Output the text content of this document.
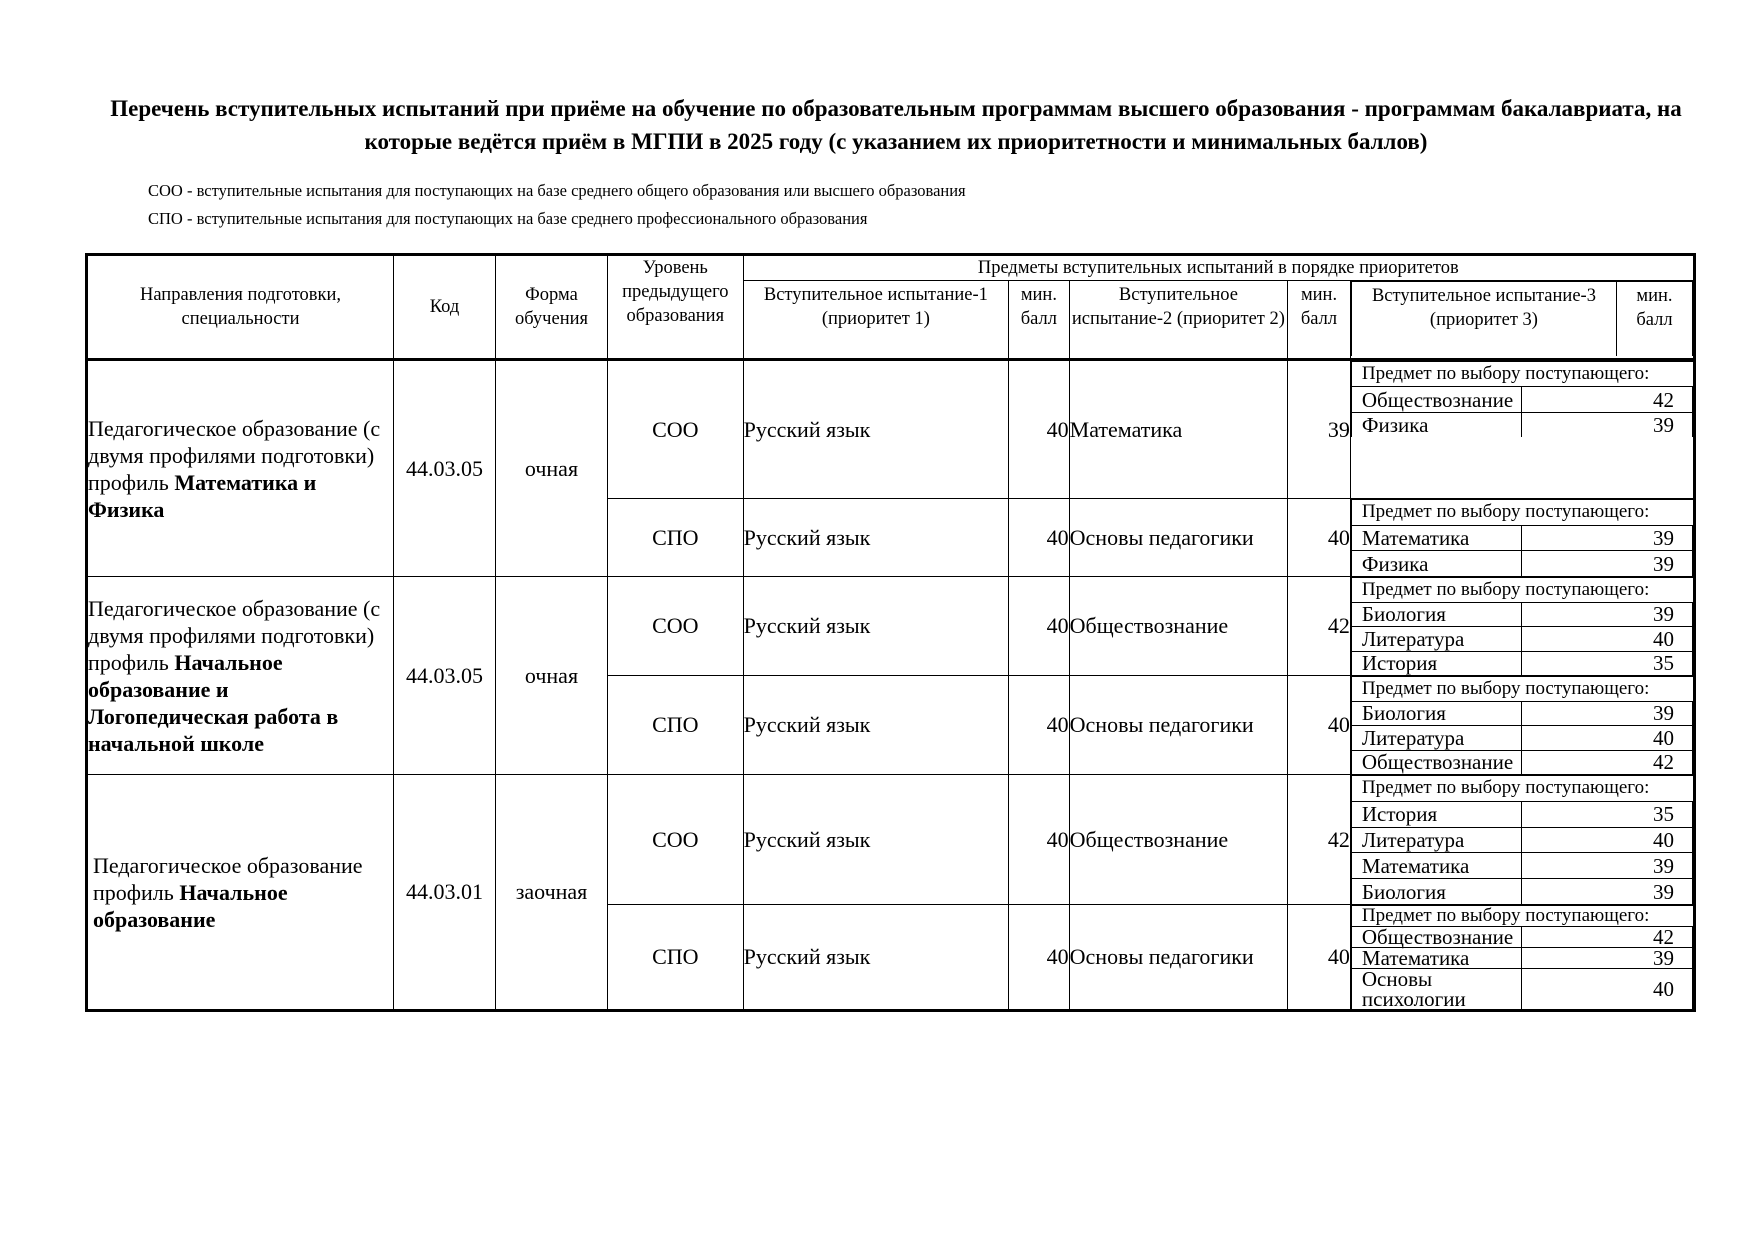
Перечень вступительных испытаний при приёме на обучение по образовательным программам высшего образования - программам бакалавриата, на которые ведётся приём в МГПИ в 2025 году (с указанием их приоритетности и минимальных баллов)
СОО - вступительные испытания для поступающих на базе среднего общего образования или высшего образования
СПО - вступительные испытания для поступающих на базе среднего профессионального образования
Направления подготовки, специальности	Код	Форма обучения	Уровень предыдущего образования	Предметы вступительных испытаний в порядке приоритетов
Вступительное испытание-1 (приоритет 1)	мин. балл	Вступительное испытание-2 (приоритет 2)	мин. балл	
Вступительное испытание-3 (приоритет 3)	мин. балл

Педагогическое образование (с двумя профилями подготовки) профиль Математика и Физика	44.03.05	очная	СОО	Русский язык	40	Математика	39	
Предмет по выбору поступающего:
Обществознание	42
Физика	39

СПО	Русский язык	40	Основы педагогики	40	
Предмет по выбору поступающего:
Математика	39
Физика	39

Педагогическое образование (с двумя профилями подготовки) профиль Начальное образование и Логопедическая работа в начальной школе	44.03.05	очная	СОО	Русский язык	40	Обществознание	42	
Предмет по выбору поступающего:
Биология	39
Литература	40
История	35

СПО	Русский язык	40	Основы педагогики	40	
Предмет по выбору поступающего:
Биология	39
Литература	40
Обществознание	42

Педагогическое образование профиль Начальное образование	44.03.01	заочная	СОО	Русский язык	40	Обществознание	42	
Предмет по выбору поступающего:
История	35
Литература	40
Математика	39
Биология	39

СПО	Русский язык	40	Основы педагогики	40	
Предмет по выбору поступающего:
Обществознание	42
Математика	39
Основы психологии	40
